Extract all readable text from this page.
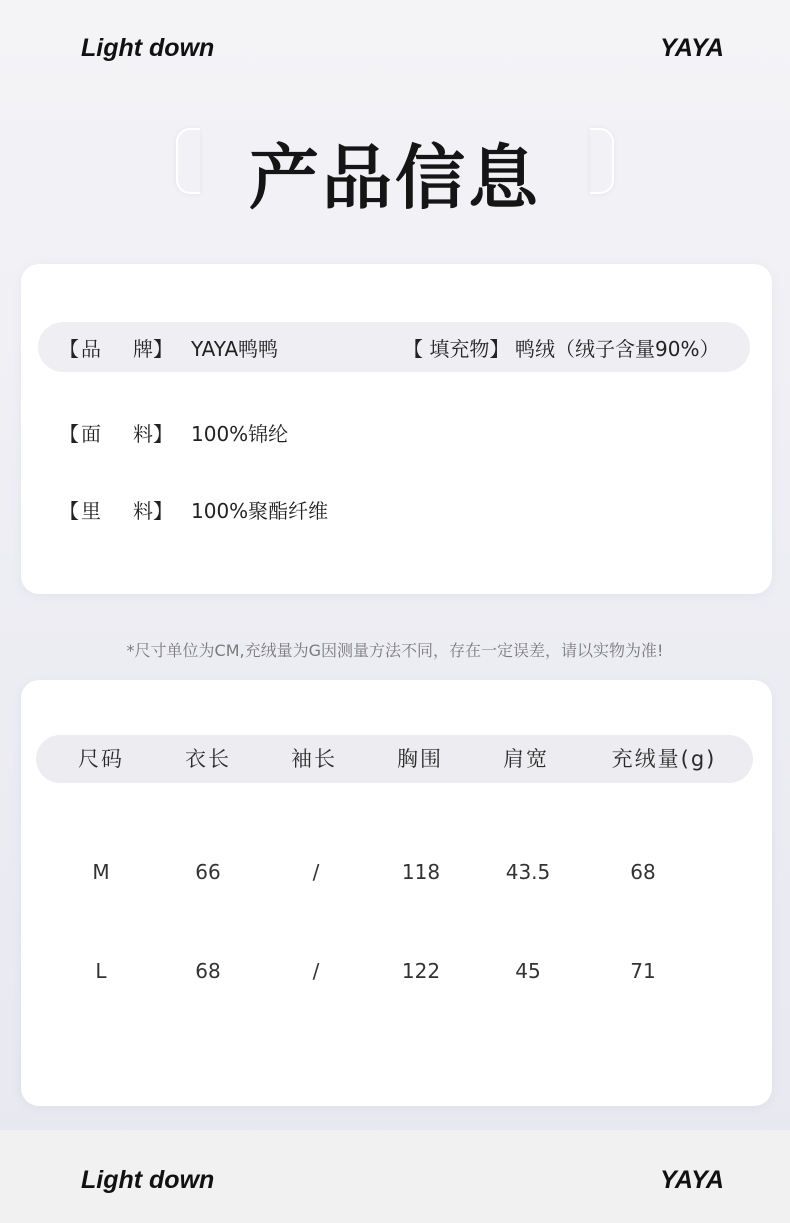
Light down	YAYA
产品信息
【 品 牌 】 YAYA鸭鸭	【 填充物】 鸭绒（绒子含量90%）
【 面 料 】 100%锦纶
【 里 料 】 100%聚酯纤维
*尺寸单位为CM,充绒量为G因测量方法不同，存在一定误差，请以实物为准!
尺码	衣长	袖长	胸围	肩宽	充绒量(g)
M	66	/	118	43.5	68
L	68	/	122	45	71
Light down	YAYA
